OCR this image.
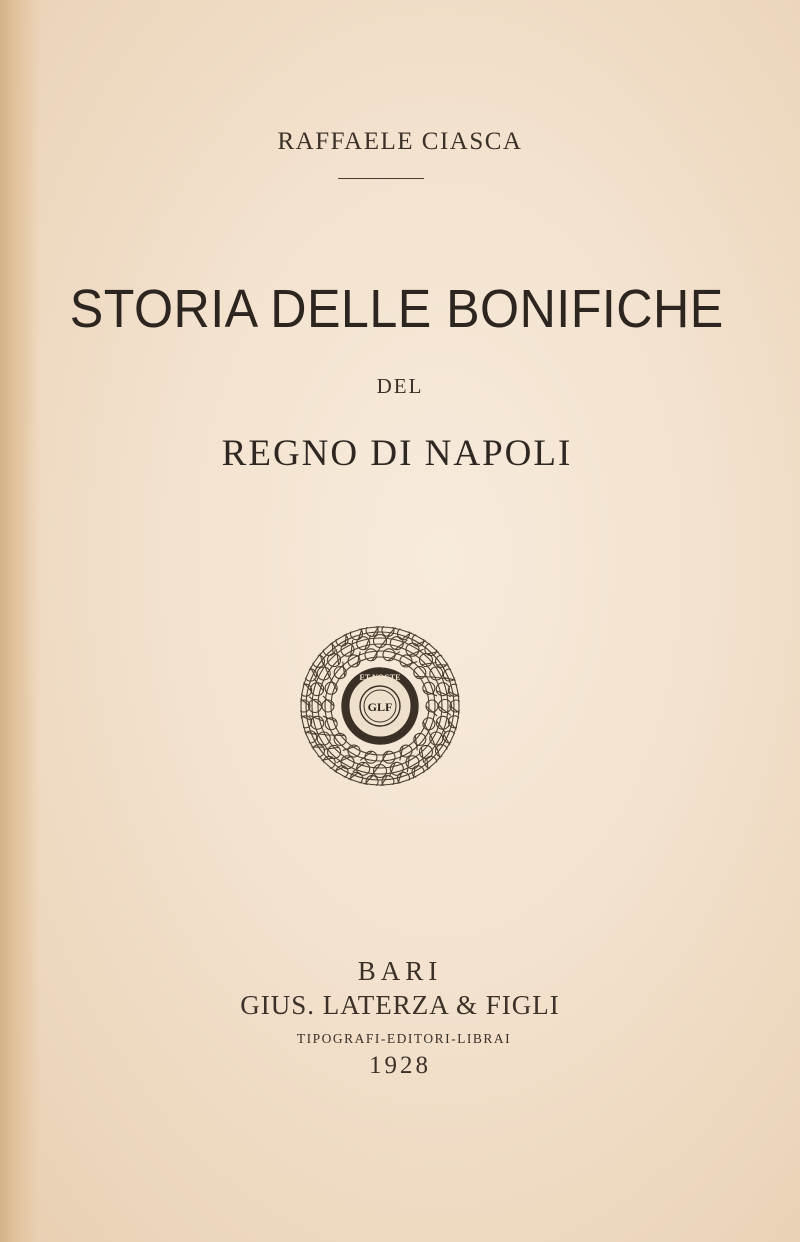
RAFFAELE CIASCA
STORIA DELLE BONIFICHE
DEL
REGNO DI NAPOLI
ET NOCTE
GLF
BARI
GIUS. LATERZA & FIGLI
TIPOGRAFI-EDITORI-LIBRAI
1928
